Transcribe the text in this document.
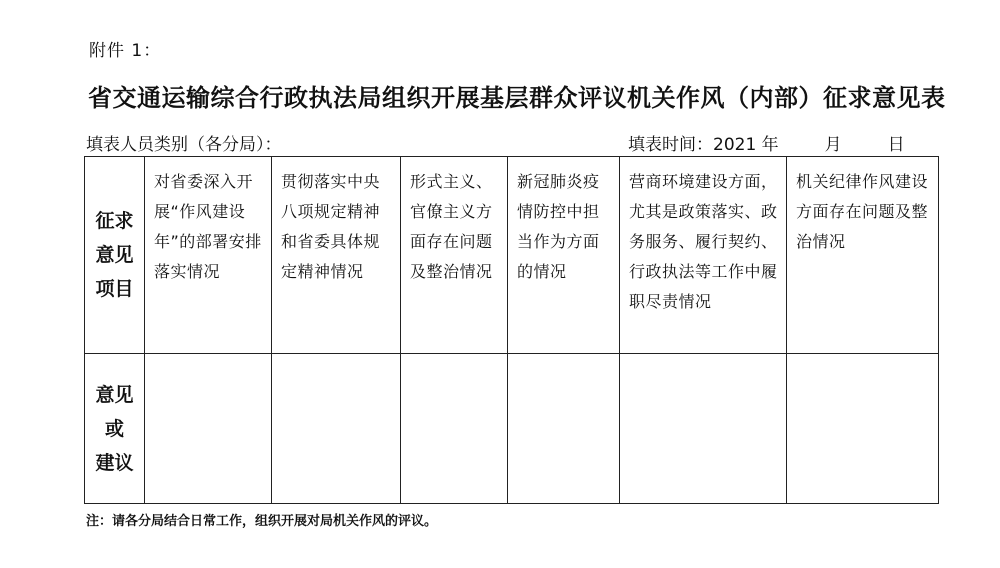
附件 1：
省交通运输综合行政执法局组织开展基层群众评议机关作风（内部）征求意见表
填表人员类别（各分局）：	填表时间：2021 年	月	日
征求
意见
项目	对省委深入开展“作风建设年”的部署安排落实情况	贯彻落实中央八项规定精神和省委具体规定精神情况	形式主义、官僚主义方面存在问题及整治情况	新冠肺炎疫情防控中担当作为方面的情况	营商环境建设方面，尤其是政策落实、政务服务、履行契约、行政执法等工作中履职尽责情况	机关纪律作风建设方面存在问题及整治情况

意见
或
建议						

注：请各分局结合日常工作，组织开展对局机关作风的评议。
